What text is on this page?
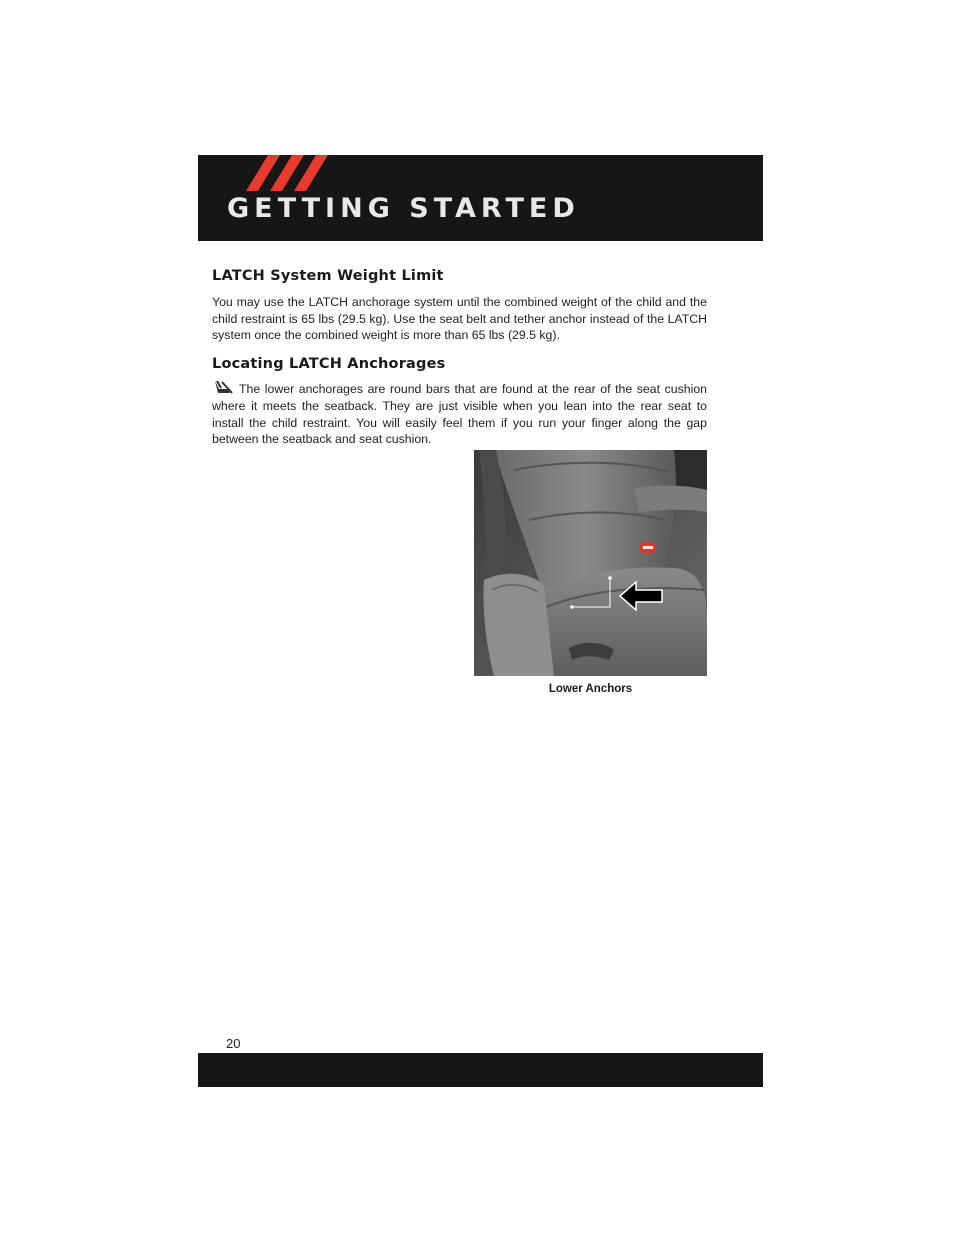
GETTING STARTED
LATCH System Weight Limit

You may use the LATCH anchorage system until the combined weight of the child and the child restraint is 65 lbs (29.5 kg). Use the seat belt and tether anchor instead of the LATCH system once the combined weight is more than 65 lbs (29.5 kg).

Locating LATCH Anchorages

The lower anchorages are round bars that are found at the rear of the seat cushion where it meets the seatback. They are just visible when you lean into the rear seat to install the child restraint. You will easily feel them if you run your finger along the gap between the seatback and seat cushion.

Lower Anchors
20
